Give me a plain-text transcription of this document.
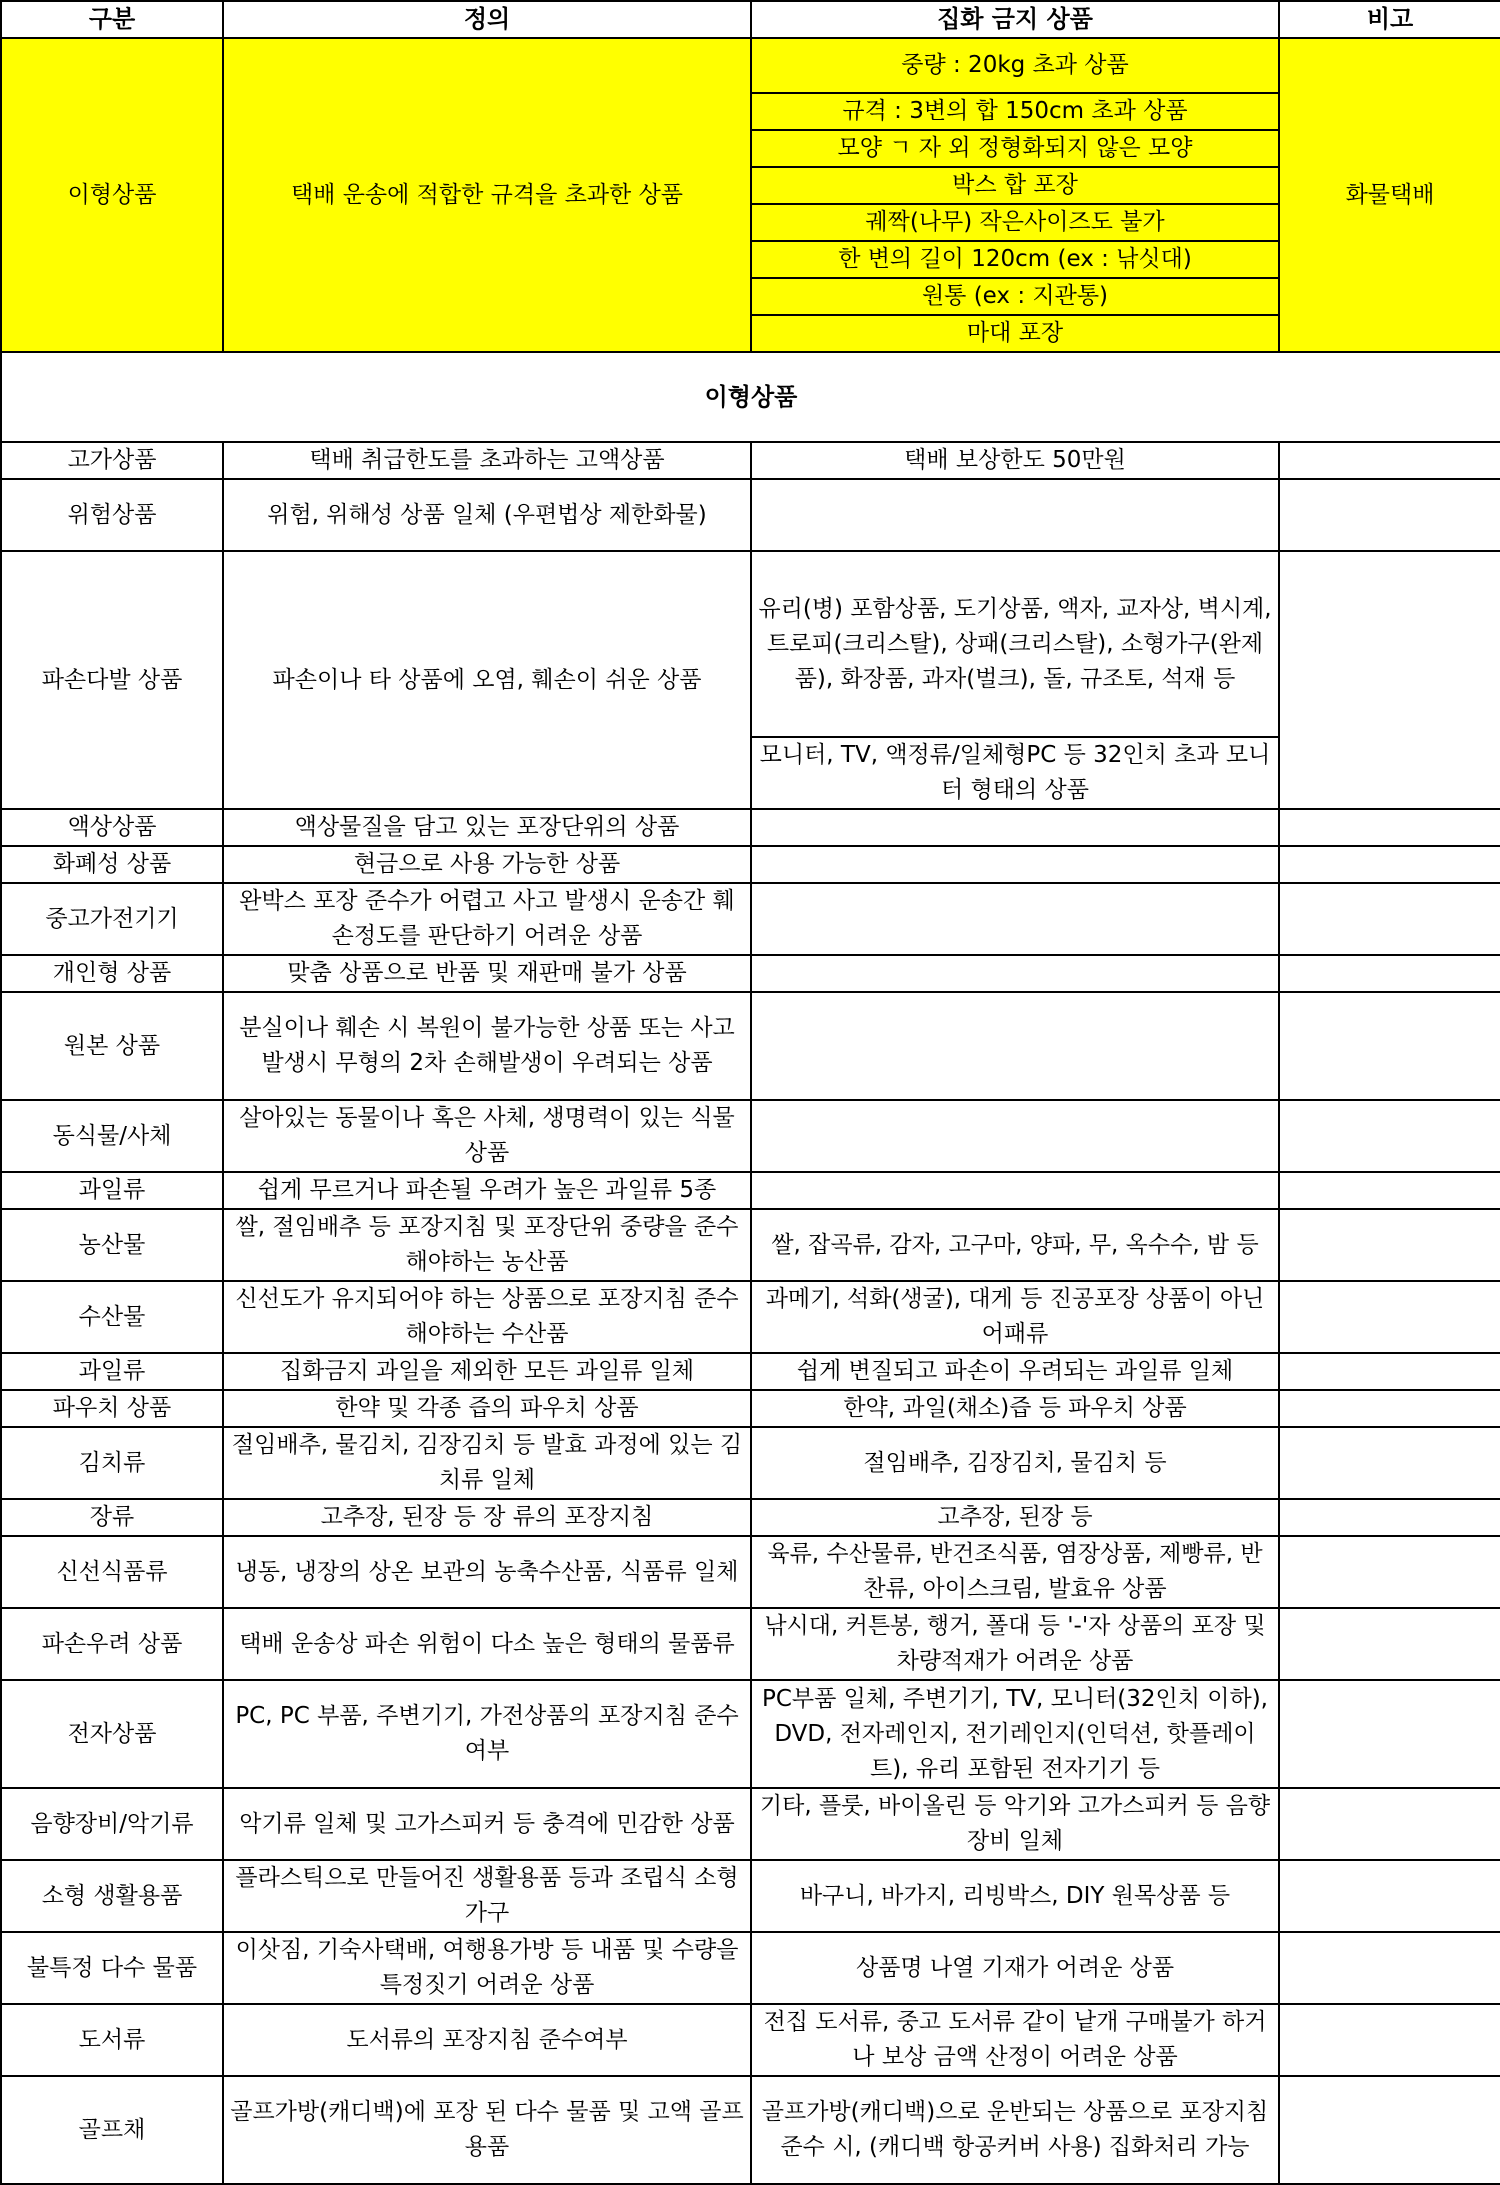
구분	정의	집화 금지 상품	비고
이형상품	택배 운송에 적합한 규격을 초과한 상품	중량 : 20kg 초과 상품	화물택배
		규격 : 3변의 합 150cm 초과 상품	
		모양 ㄱ 자 외 정형화되지 않은 모양	
		박스 합 포장	
		궤짝(나무) 작은사이즈도 불가	
		한 변의 길이 120cm (ex : 낚싯대)	
		원통 (ex : 지관통)	
		마대 포장	
이형상품			
고가상품	택배 취급한도를 초과하는 고액상품	택배 보상한도 50만원	
위험상품	위험, 위해성 상품 일체 (우편법상 제한화물)		
파손다발 상품	파손이나 타 상품에 오염, 훼손이 쉬운 상품	유리(병) 포함상품, 도기상품, 액자, 교자상, 벽시계, 트로피(크리스탈), 상패(크리스탈), 소형가구(완제품), 화장품, 과자(벌크), 돌, 규조토, 석재 등	
		모니터, TV, 액정류/일체형PC 등 32인치 초과 모니터 형태의 상품	
액상상품	액상물질을 담고 있는 포장단위의 상품		
화폐성 상품	현금으로 사용 가능한 상품		
중고가전기기	완박스 포장 준수가 어렵고 사고 발생시 운송간 훼손정도를 판단하기 어려운 상품		
개인형 상품	맞춤 상품으로 반품 및 재판매 불가 상품		
원본 상품	분실이나 훼손 시 복원이 불가능한 상품 또는 사고발생시 무형의 2차 손해발생이 우려되는 상품		
동식물/사체	살아있는 동물이나 혹은 사체, 생명력이 있는 식물 상품		
과일류	쉽게 무르거나 파손될 우려가 높은 과일류 5종		
농산물	쌀, 절임배추 등 포장지침 및 포장단위 중량을 준수해야하는 농산품	쌀, 잡곡류, 감자, 고구마, 양파, 무, 옥수수, 밤 등	
수산물	신선도가 유지되어야 하는 상품으로 포장지침 준수해야하는 수산품	과메기, 석화(생굴), 대게 등 진공포장 상품이 아닌 어패류	
과일류	집화금지 과일을 제외한 모든 과일류 일체	쉽게 변질되고 파손이 우려되는 과일류 일체	
파우치 상품	한약 및 각종 즙의 파우치 상품	한약, 과일(채소)즙 등 파우치 상품	
김치류	절임배추, 물김치, 김장김치 등 발효 과정에 있는 김치류 일체	절임배추, 김장김치, 물김치 등	
장류	고추장, 된장 등 장 류의 포장지침	고추장, 된장 등	
신선식품류	냉동, 냉장의 상온 보관의 농축수산품, 식품류 일체	육류, 수산물류, 반건조식품, 염장상품, 제빵류, 반찬류, 아이스크림, 발효유 상품	
파손우려 상품	택배 운송상 파손 위험이 다소 높은 형태의 물품류	낚시대, 커튼봉, 행거, 폴대 등 '-'자 상품의 포장 및 차량적재가 어려운 상품	
전자상품	PC, PC 부품, 주변기기, 가전상품의 포장지침 준수여부	PC부품 일체, 주변기기, TV, 모니터(32인치 이하), DVD, 전자레인지, 전기레인지(인덕션, 핫플레이트), 유리 포함된 전자기기 등	
음향장비/악기류	악기류 일체 및 고가스피커 등 충격에 민감한 상품	기타, 플룻, 바이올린 등 악기와 고가스피커 등 음향장비 일체	
소형 생활용품	플라스틱으로 만들어진 생활용품 등과 조립식 소형가구	바구니, 바가지, 리빙박스, DIY 원목상품 등	
불특정 다수 물품	이삿짐, 기숙사택배, 여행용가방 등 내품 및 수량을 특정짓기 어려운 상품	상품명 나열 기재가 어려운 상품	
도서류	도서류의 포장지침 준수여부	전집 도서류, 중고 도서류 같이 낱개 구매불가 하거나 보상 금액 산정이 어려운 상품	
골프채	골프가방(캐디백)에 포장 된 다수 물품 및 고액 골프용품	골프가방(캐디백)으로 운반되는 상품으로 포장지침 준수 시, (캐디백 항공커버 사용) 집화처리 가능	
